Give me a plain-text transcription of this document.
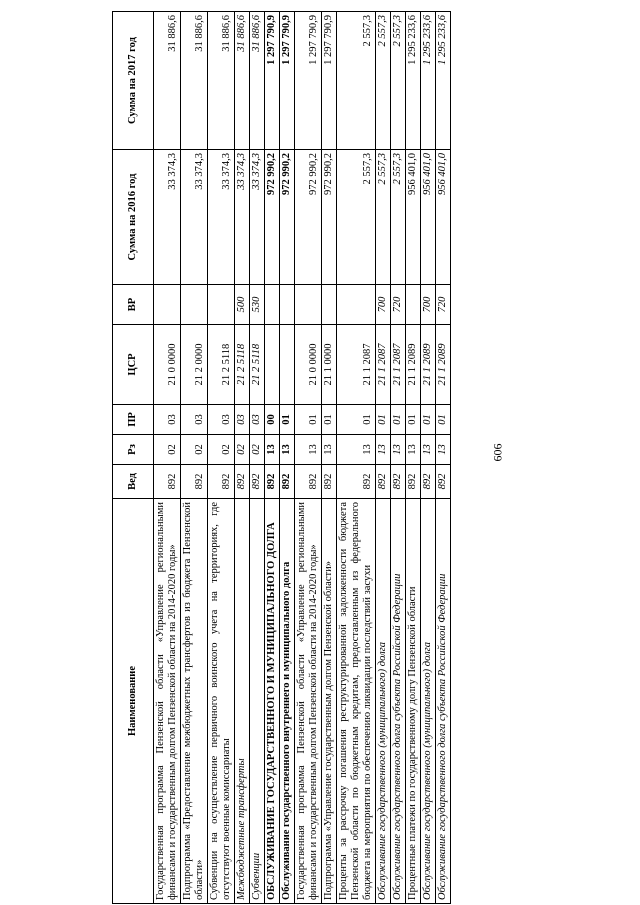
606
Наименование	Вед	Рз	ПР	ЦСР	ВР	Сумма на 2016 год	Сумма на 2017 год
Государственная программа Пензенской области «Управление региональными финансами и государственным долгом Пензенской области на 2014-2020 годы»	892	02	03	21 0 0000		33 374,3	31 886,6
Подпрограмма «Предоставление межбюджетных трансфертов из бюджета Пензенской области»	892	02	03	21 2 0000		33 374,3	31 886,6
Субвенции на осуществление первичного воинского учета на территориях, где отсутствуют военные комиссариаты	892	02	03	21 2 5118		33 374,3	31 886,6
Межбюджетные трансферты	892	02	03	21 2 5118	500	33 374,3	31 886,6
Субвенции	892	02	03	21 2 5118	530	33 374,3	31 886,6
ОБСЛУЖИВАНИЕ ГОСУДАРСТВЕННОГО И МУНИЦИПАЛЬНОГО ДОЛГА	892	13	00			972 990,2	1 297 790,9
Обслуживание государственного внутреннего и муниципального долга	892	13	01			972 990,2	1 297 790,9
Государственная программа Пензенской области «Управление региональными финансами и государственным долгом Пензенской области на 2014-2020 годы»	892	13	01	21 0 0000		972 990,2	1 297 790,9
Подпрограмма «Управление государственным долгом Пензенской области»	892	13	01	21 1 0000		972 990,2	1 297 790,9
Проценты за рассрочку погашения реструктурированной задолженности бюджета Пензенской области по бюджетным кредитам, предоставленным из федерального бюджета на мероприятия по обеспечению ликвидации последствий засухи	892	13	01	21 1 2087		2 557,3	2 557,3
Обслуживание государственного (муниципального) долга	892	13	01	21 1 2087	700	2 557,3	2 557,3
Обслуживание государственного долга субъекта Российской Федерации	892	13	01	21 1 2087	720	2 557,3	2 557,3
Процентные платежи по государственному долгу Пензенской области	892	13	01	21 1 2089		956 401,0	1 295 233,6
Обслуживание государственного (муниципального) долга	892	13	01	21 1 2089	700	956 401,0	1 295 233,6
Обслуживание государственного долга субъекта Российской Федерации	892	13	01	21 1 2089	720	956 401,0	1 295 233,6
